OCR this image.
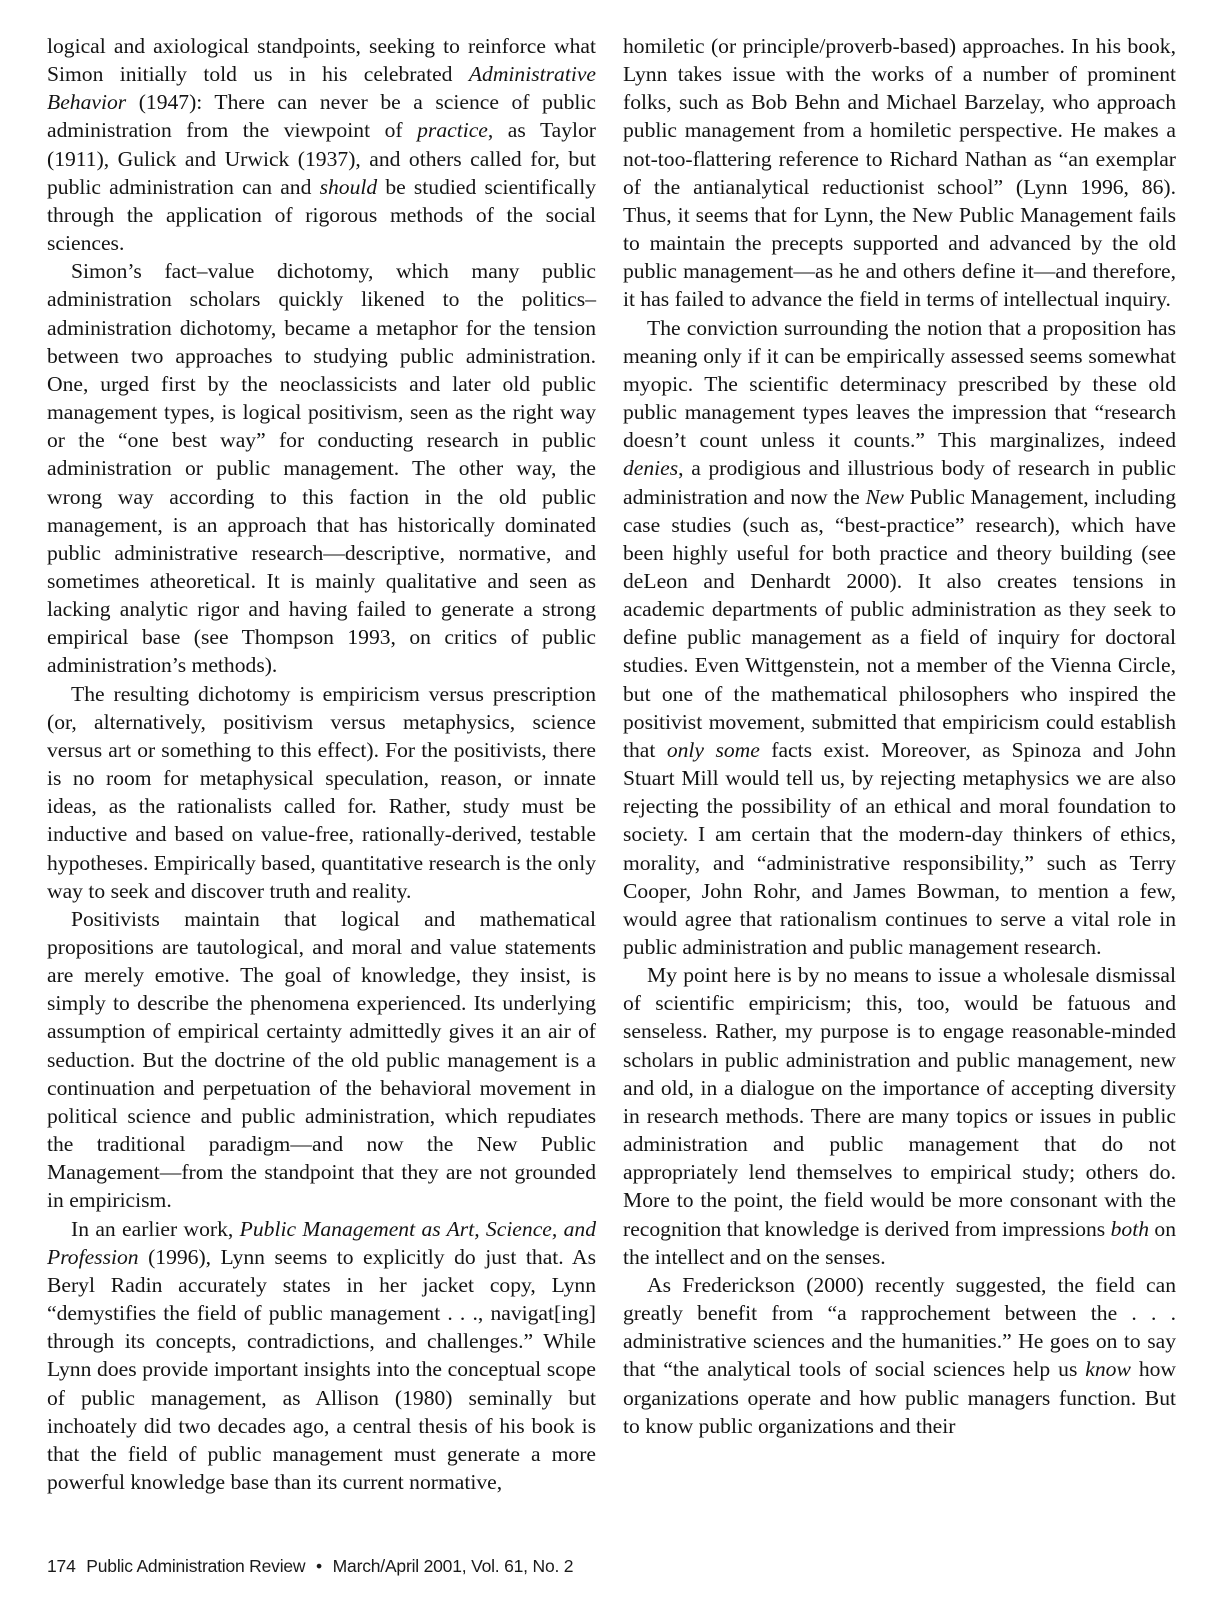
logical and axiological standpoints, seeking to reinforce what Simon initially told us in his celebrated Administrative Behavior (1947): There can never be a science of public administration from the viewpoint of practice, as Taylor (1911), Gulick and Urwick (1937), and others called for, but public administration can and should be studied scientifically through the application of rigorous methods of the social sciences.

Simon’s fact–value dichotomy, which many public administration scholars quickly likened to the politics–administration dichotomy, became a metaphor for the tension between two approaches to studying public administration. One, urged first by the neoclassicists and later old public management types, is logical positivism, seen as the right way or the “one best way” for conducting research in public administration or public management. The other way, the wrong way according to this faction in the old public management, is an approach that has historically dominated public administrative research—descriptive, normative, and sometimes atheoretical. It is mainly qualitative and seen as lacking analytic rigor and having failed to generate a strong empirical base (see Thompson 1993, on critics of public administration’s methods).

The resulting dichotomy is empiricism versus prescription (or, alternatively, positivism versus metaphysics, science versus art or something to this effect). For the positivists, there is no room for metaphysical speculation, reason, or innate ideas, as the rationalists called for. Rather, study must be inductive and based on value-free, rationally-derived, testable hypotheses. Empirically based, quantitative research is the only way to seek and discover truth and reality.

Positivists maintain that logical and mathematical propositions are tautological, and moral and value statements are merely emotive. The goal of knowledge, they insist, is simply to describe the phenomena experienced. Its underlying assumption of empirical certainty admittedly gives it an air of seduction. But the doctrine of the old public management is a continuation and perpetuation of the behavioral movement in political science and public administration, which repudiates the traditional paradigm—and now the New Public Management—from the standpoint that they are not grounded in empiricism.

In an earlier work, Public Management as Art, Science, and Profession (1996), Lynn seems to explicitly do just that. As Beryl Radin accurately states in her jacket copy, Lynn “demystifies the field of public management . . ., navigat[ing] through its concepts, contradictions, and challenges.” While Lynn does provide important insights into the conceptual scope of public management, as Allison (1980) seminally but inchoately did two decades ago, a central thesis of his book is that the field of public management must generate a more powerful knowledge base than its current normative,

homiletic (or principle/proverb-based) approaches. In his book, Lynn takes issue with the works of a number of prominent folks, such as Bob Behn and Michael Barzelay, who approach public management from a homiletic perspective. He makes a not-too-flattering reference to Richard Nathan as “an exemplar of the antianalytical reductionist school” (Lynn 1996, 86). Thus, it seems that for Lynn, the New Public Management fails to maintain the precepts supported and advanced by the old public management—as he and others define it—and therefore, it has failed to advance the field in terms of intellectual inquiry.

The conviction surrounding the notion that a proposition has meaning only if it can be empirically assessed seems somewhat myopic. The scientific determinacy prescribed by these old public management types leaves the impression that “research doesn’t count unless it counts.” This marginalizes, indeed denies, a prodigious and illustrious body of research in public administration and now the New Public Management, including case studies (such as, “best-practice” research), which have been highly useful for both practice and theory building (see deLeon and Denhardt 2000). It also creates tensions in academic departments of public administration as they seek to define public management as a field of inquiry for doctoral studies. Even Wittgenstein, not a member of the Vienna Circle, but one of the mathematical philosophers who inspired the positivist movement, submitted that empiricism could establish that only some facts exist. Moreover, as Spinoza and John Stuart Mill would tell us, by rejecting metaphysics we are also rejecting the possibility of an ethical and moral foundation to society. I am certain that the modern-day thinkers of ethics, morality, and “administrative responsibility,” such as Terry Cooper, John Rohr, and James Bowman, to mention a few, would agree that rationalism continues to serve a vital role in public administration and public management research.

My point here is by no means to issue a wholesale dismissal of scientific empiricism; this, too, would be fatuous and senseless. Rather, my purpose is to engage reasonable-minded scholars in public administration and public management, new and old, in a dialogue on the importance of accepting diversity in research methods. There are many topics or issues in public administration and public management that do not appropriately lend themselves to empirical study; others do. More to the point, the field would be more consonant with the recognition that knowledge is derived from impressions both on the intellect and on the senses.

As Frederickson (2000) recently suggested, the field can greatly benefit from “a rapprochement between the . . . administrative sciences and the humanities.” He goes on to say that “the analytical tools of social sciences help us know how organizations operate and how public managers function. But to know public organizations and their

174 Public Administration Review • March/April 2001, Vol. 61, No. 2
